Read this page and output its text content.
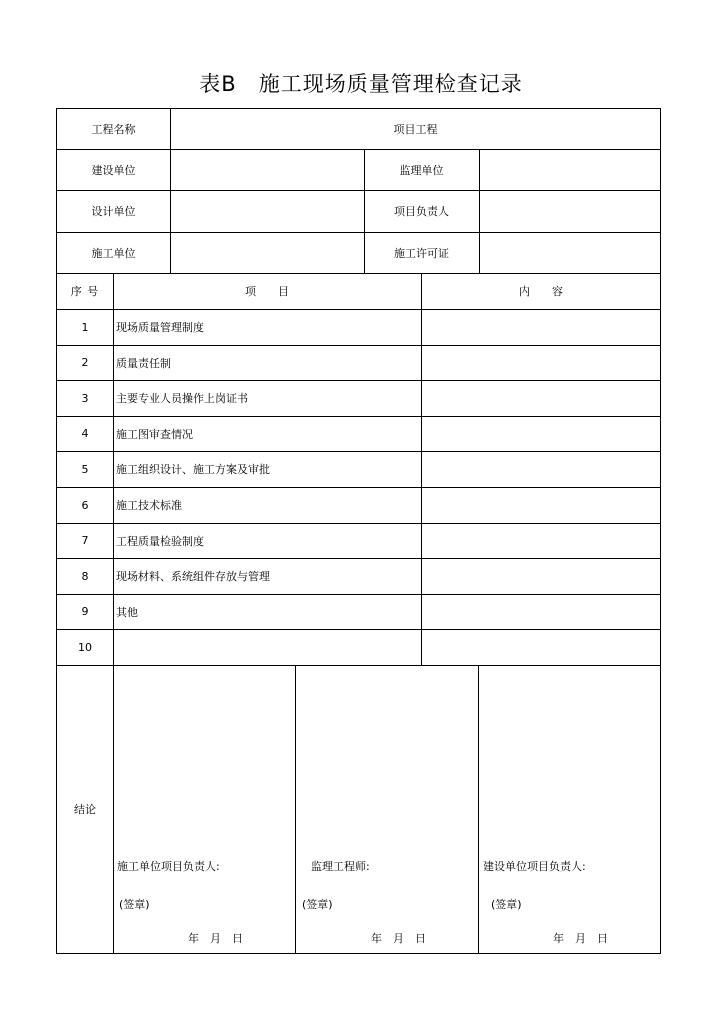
表B　施工现场质量管理检查记录
工程名称	项目工程
建设单位	监理单位
设计单位	项目负责人
施工单位	施工许可证
序 号	项　　目	内　　容
1	现场质量管理制度
2	质量责任制
3	主要专业人员操作上岗证书
4	施工图审查情况
5	施工组织设计、施工方案及审批
6	施工技术标准
7	工程质量检验制度
8	现场材料、系统组件存放与管理
9	其他
10
结论
施工单位项目负责人:
(签章)
年　月　日
监理工程师:
(签章)
年　月　日
建设单位项目负责人:
(签章)
年　月　日
